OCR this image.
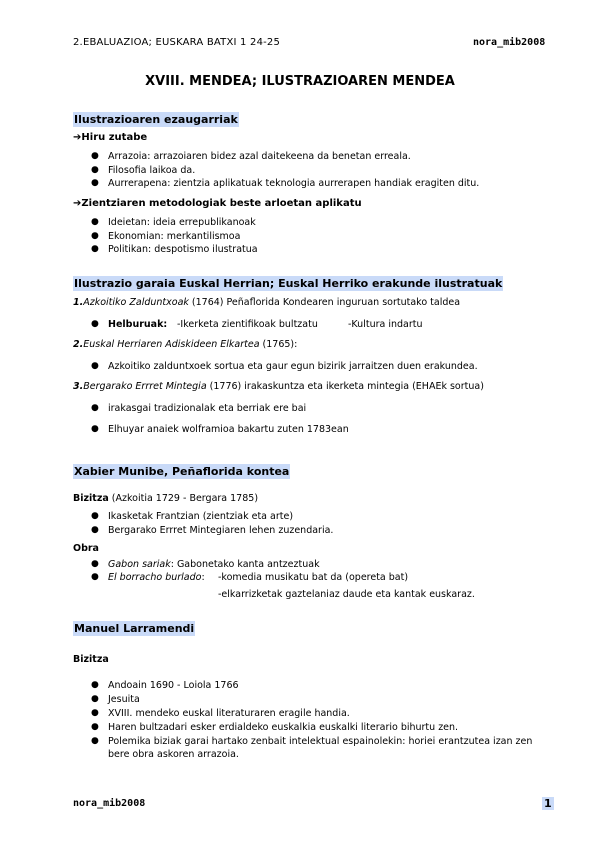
2.EBALUAZIOA; EUSKARA BATXI 1 24-25	nora_mib2008
XVIII. MENDEA; ILUSTRAZIOAREN MENDEA
Ilustrazioaren ezaugarriak
➔Hiru zutabe
● Arrazoia: arrazoiaren bidez azal daitekeena da benetan erreala.
● Filosofia laikoa da.
● Aurrerapena: zientzia aplikatuak teknologia aurrerapen handiak eragiten ditu.
➔Zientziaren metodologiak beste arloetan aplikatu
● Ideietan: ideia errepublikanoak
● Ekonomian: merkantilismoa
● Politikan: despotismo ilustratua
Ilustrazio garaia Euskal Herrian; Euskal Herriko erakunde ilustratuak
1.Azkoitiko Zalduntxoak (1764) Peñaflorida Kondearen inguruan sortutako taldea
● Helburuak: -Ikerketa zientifikoak bultzatu	-Kultura indartu
2.Euskal Herriaren Adiskideen Elkartea (1765):
● Azkoitiko zalduntxoek sortua eta gaur egun bizirik jarraitzen duen erakundea.
3.Bergarako Errret Mintegia (1776) irakaskuntza eta ikerketa mintegia (EHAEk sortua)
● irakasgai tradizionalak eta berriak ere bai
● Elhuyar anaiek wolframioa bakartu zuten 1783ean
Xabier Munibe, Peñaflorida kontea
Bizitza (Azkoitia 1729 - Bergara 1785)
● Ikasketak Frantzian (zientziak eta arte)
● Bergarako Errret Mintegiaren lehen zuzendaria.
Obra
● Gabon sariak: Gabonetako kanta antzeztuak
● El borracho burlado: -komedia musikatu bat da (opereta bat)
-elkarrizketak gaztelaniaz daude eta kantak euskaraz.
Manuel Larramendi
Bizitza
● Andoain 1690 - Loiola 1766
● Jesuita
● XVIII. mendeko euskal literaturaren eragile handia.
● Haren bultzadari esker erdialdeko euskalkia euskalki literario bihurtu zen.
● Polemika biziak garai hartako zenbait intelektual espainolekin: horiei erantzutea izan zen
bere obra askoren arrazoia.
nora_mib2008	1
